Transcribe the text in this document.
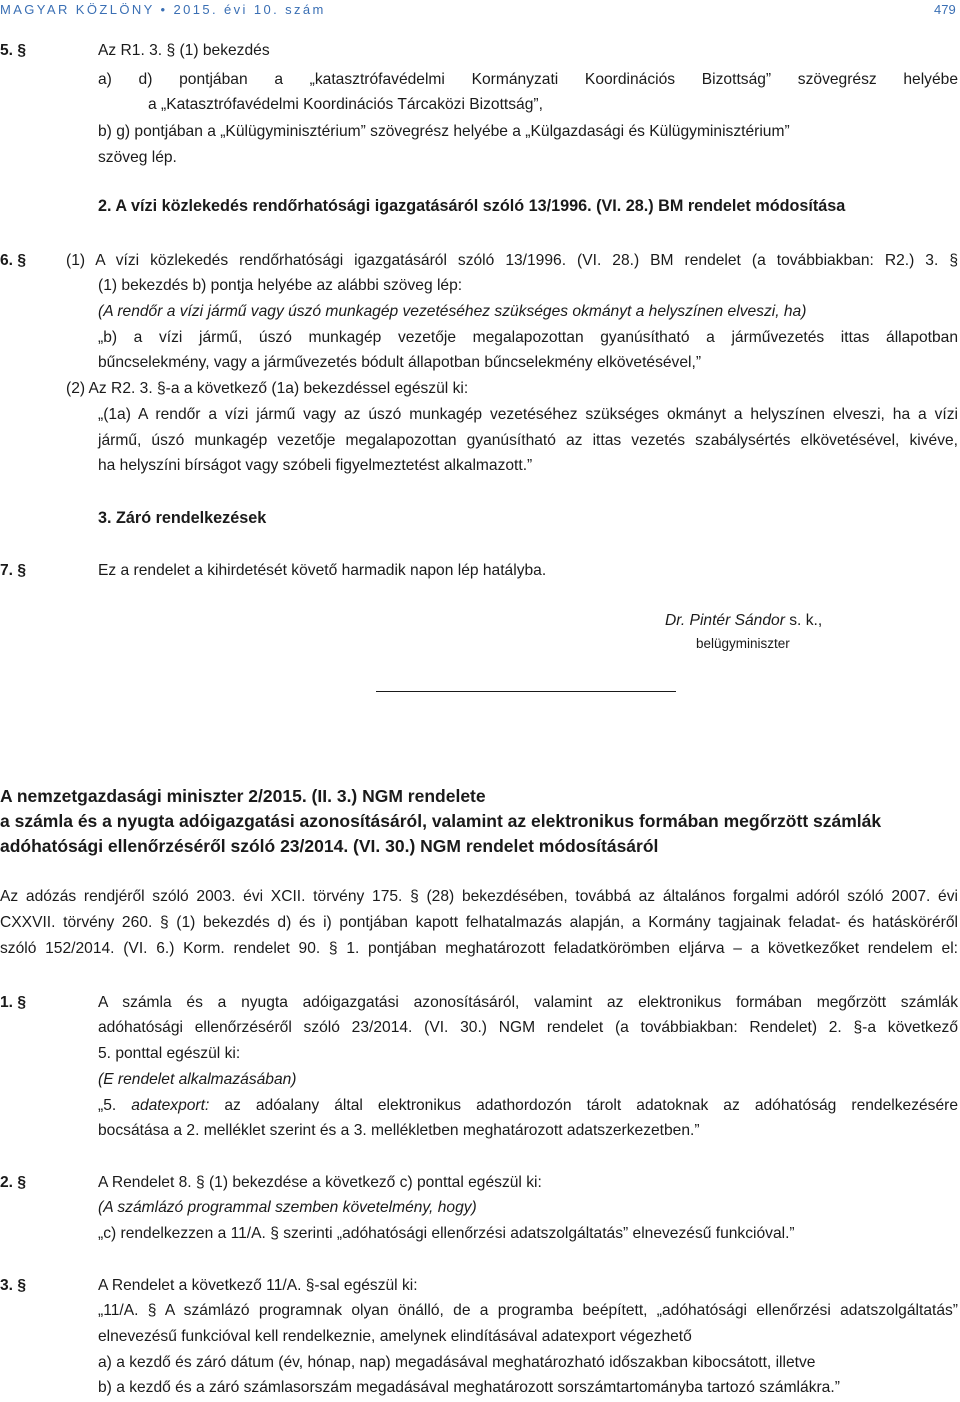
MAGYAR KÖZLÖNY • 2015. évi 10. szám	479
5. §	Az R1. 3. § (1) bekezdés
a) d) pontjában a „katasztrófavédelmi Kormányzati Koordinációs Bizottság” szövegrész helyébe
a „Katasztrófavédelmi Koordinációs Tárcaközi Bizottság”,
b) g) pontjában a „Külügyminisztérium” szövegrész helyébe a „Külgazdasági és Külügyminisztérium”
szöveg lép.
2. A vízi közlekedés rendőrhatósági igazgatásáról szóló 13/1996. (VI. 28.) BM rendelet módosítása
6. §	(1) A vízi közlekedés rendőrhatósági igazgatásáról szóló 13/1996. (VI. 28.) BM rendelet (a továbbiakban: R2.) 3. §
(1) bekezdés b) pontja helyébe az alábbi szöveg lép:
(A rendőr a vízi jármű vagy úszó munkagép vezetéséhez szükséges okmányt a helyszínen elveszi, ha)
„b) a vízi jármű, úszó munkagép vezetője megalapozottan gyanúsítható a járművezetés ittas állapotban
bűncselekmény, vagy a járművezetés bódult állapotban bűncselekmény elkövetésével,”
(2) Az R2. 3. §-a a következő (1a) bekezdéssel egészül ki:
„(1a) A rendőr a vízi jármű vagy az úszó munkagép vezetéséhez szükséges okmányt a helyszínen elveszi, ha a vízi
jármű, úszó munkagép vezetője megalapozottan gyanúsítható az ittas vezetés szabálysértés elkövetésével, kivéve,
ha helyszíni bírságot vagy szóbeli figyelmeztetést alkalmazott.”
3. Záró rendelkezések
7. §	Ez a rendelet a kihirdetését követő harmadik napon lép hatályba.
Dr. Pintér Sándor s. k.,
belügyminiszter
A nemzetgazdasági miniszter 2/2015. (II. 3.) NGM rendelete
a számla és a nyugta adóigazgatási azonosításáról, valamint az elektronikus formában megőrzött számlák
adóhatósági ellenőrzéséről szóló 23/2014. (VI. 30.) NGM rendelet módosításáról
Az adózás rendjéről szóló 2003. évi XCII. törvény 175. § (28) bekezdésében, továbbá az általános forgalmi adóról szóló 2007. évi
CXXVII. törvény 260. § (1) bekezdés d) és i) pontjában kapott felhatalmazás alapján, a Kormány tagjainak feladat- és hatásköréről
szóló 152/2014. (VI. 6.) Korm. rendelet 90. § 1. pontjában meghatározott feladatkörömben eljárva – a következőket rendelem el:
1. §	A számla és a nyugta adóigazgatási azonosításáról, valamint az elektronikus formában megőrzött számlák
adóhatósági ellenőrzéséről szóló 23/2014. (VI. 30.) NGM rendelet (a továbbiakban: Rendelet) 2. §-a következő
5. ponttal egészül ki:
(E rendelet alkalmazásában)
„5. adatexport: az adóalany által elektronikus adathordozón tárolt adatoknak az adóhatóság rendelkezésére
bocsátása a 2. melléklet szerint és a 3. mellékletben meghatározott adatszerkezetben.”
2. §	A Rendelet 8. § (1) bekezdése a következő c) ponttal egészül ki:
(A számlázó programmal szemben követelmény, hogy)
„c) rendelkezzen a 11/A. § szerinti „adóhatósági ellenőrzési adatszolgáltatás” elnevezésű funkcióval.”
3. §	A Rendelet a következő 11/A. §-sal egészül ki:
„11/A. § A számlázó programnak olyan önálló, de a programba beépített, „adóhatósági ellenőrzési adatszolgáltatás”
elnevezésű funkcióval kell rendelkeznie, amelynek elindításával adatexport végezhető
a) a kezdő és záró dátum (év, hónap, nap) megadásával meghatározható időszakban kibocsátott, illetve
b) a kezdő és a záró számlasorszám megadásával meghatározott sorszámtartományba tartozó számlákra.”
